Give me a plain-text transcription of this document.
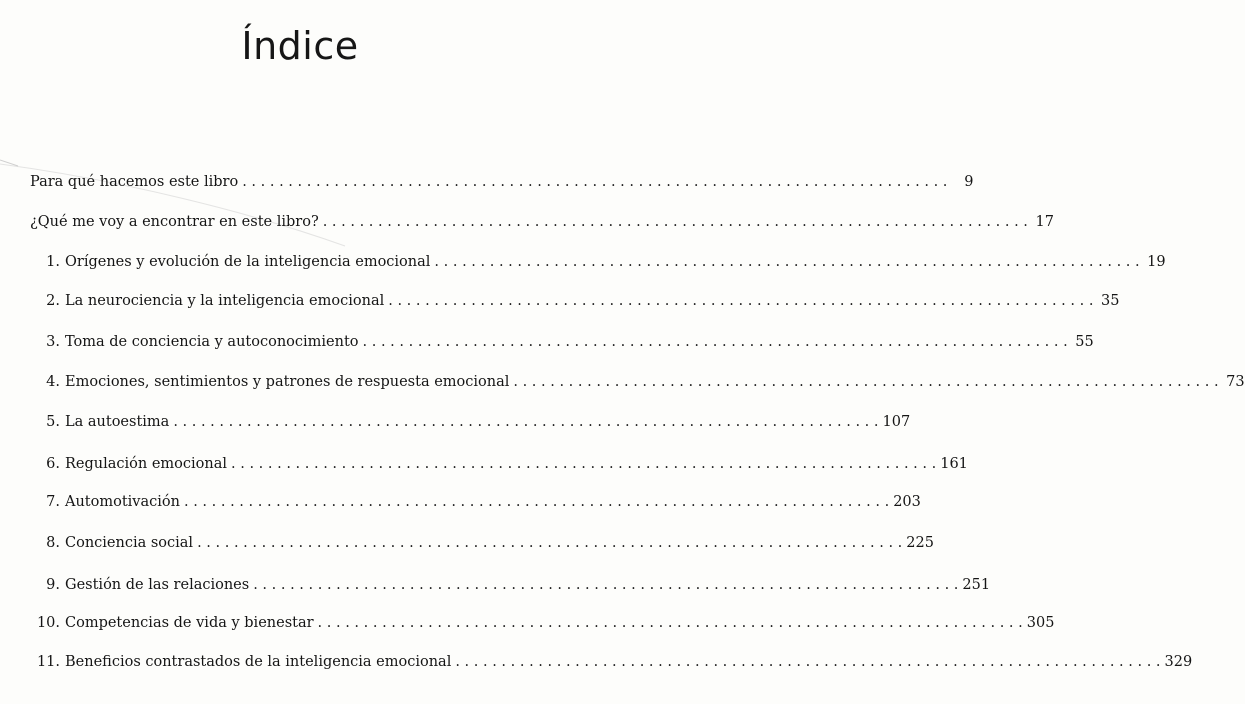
Índice
Para qué hacemos este libro . . .	9
¿Qué me voy a encontrar en este libro? . . .	17
1. Orígenes y evolución de la inteligencia emocional . . .	19
2. La neurociencia y la inteligencia emocional . . .	35
3. Toma de conciencia y autoconocimiento . . .	55
4. Emociones, sentimientos y patrones de respuesta emocional . . .	73
5. La autoestima . . .	107
6. Regulación emocional . . .	161
7. Automotivación . . .	203
8. Conciencia social . . .	225
9. Gestión de las relaciones . . .	251
10. Competencias de vida y bienestar . . .	305
11. Beneficios contrastados de la inteligencia emocional . . .	329
